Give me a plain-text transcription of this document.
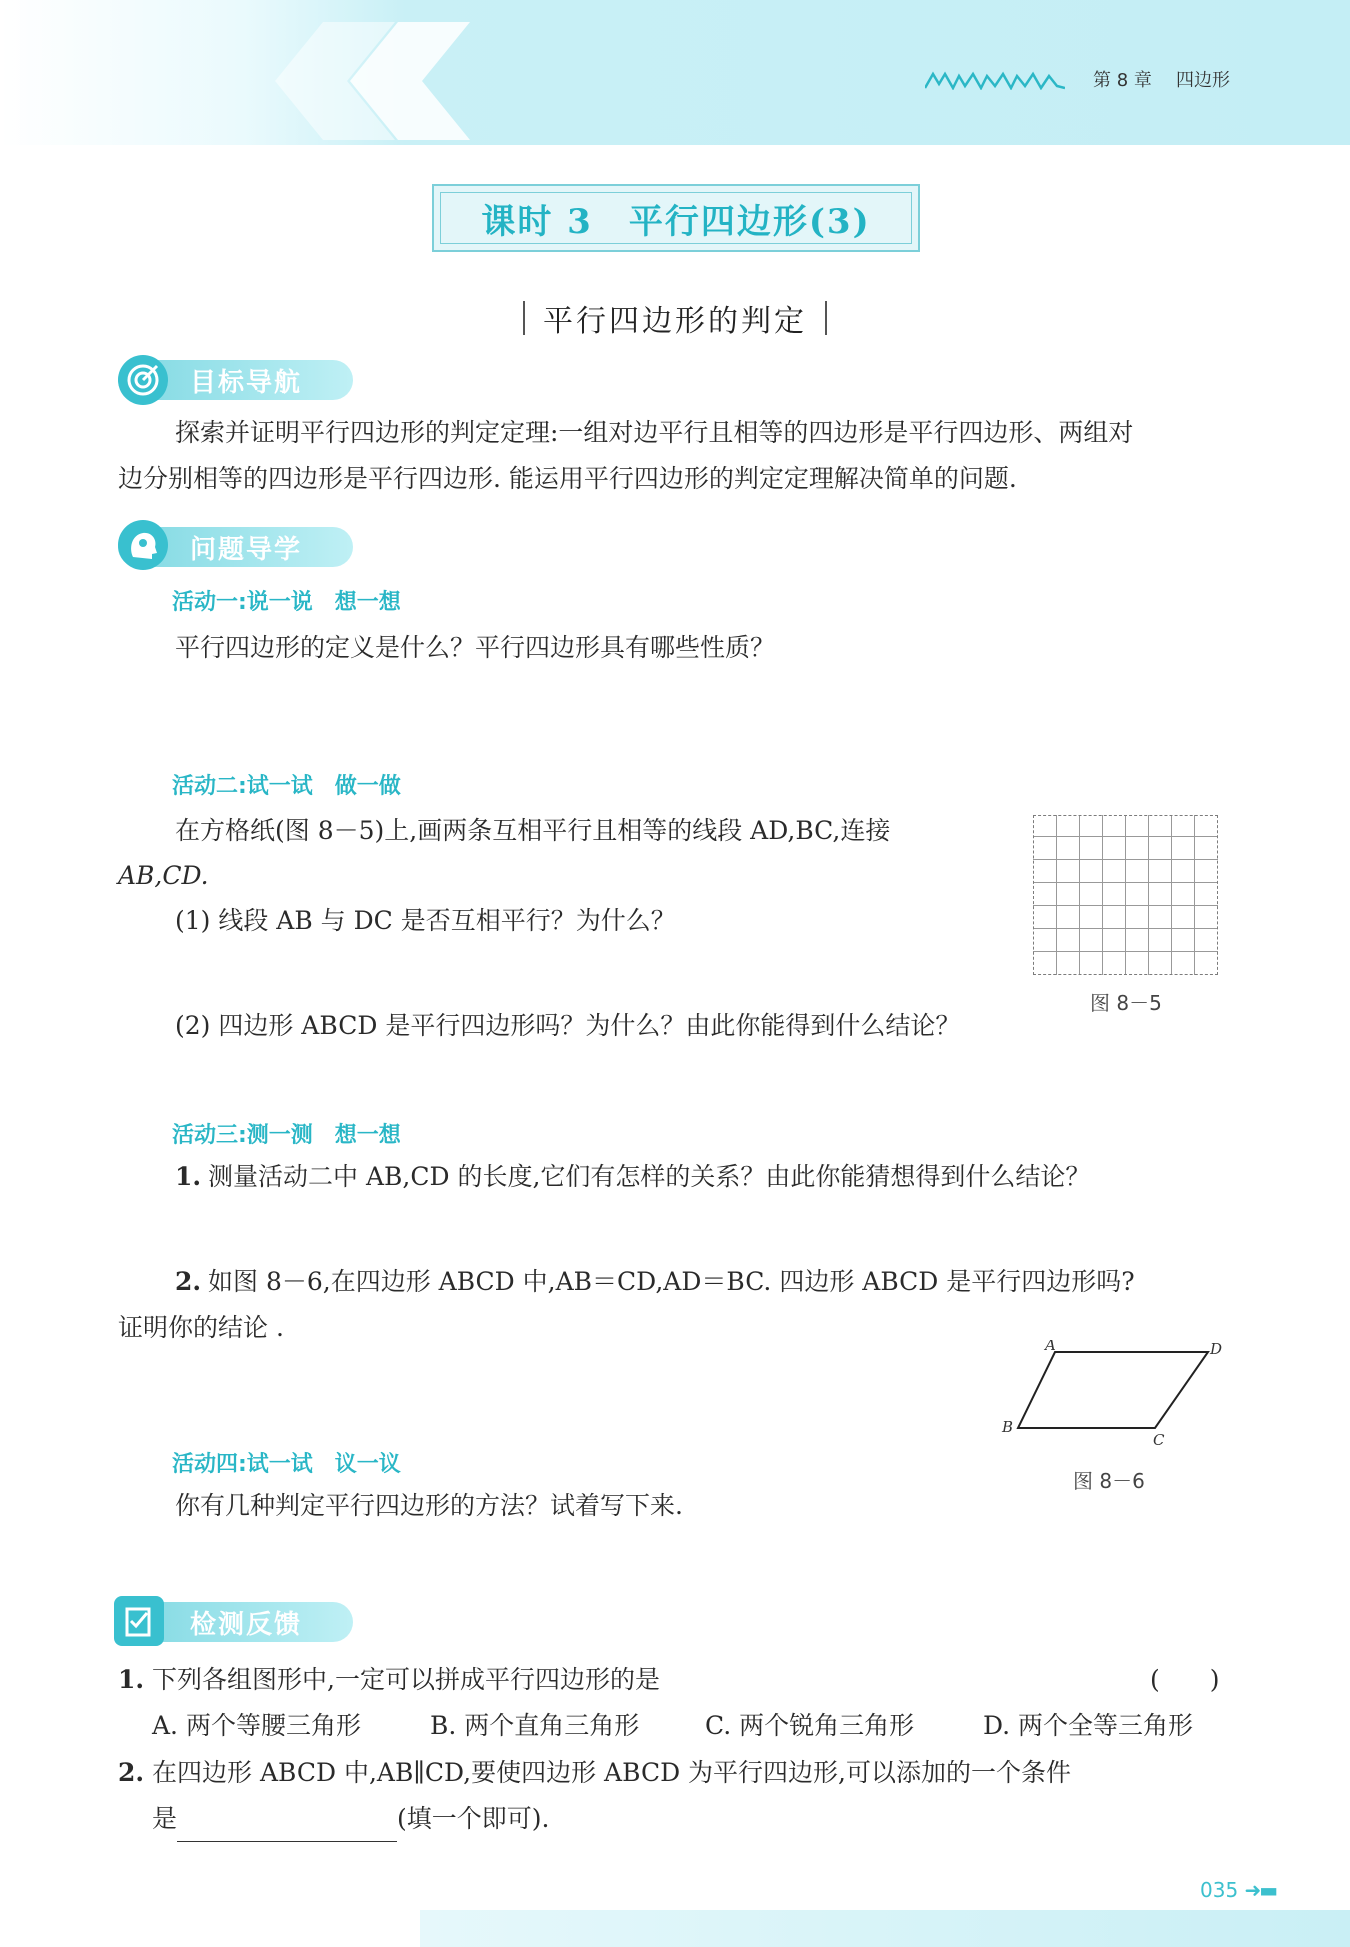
第 8 章 四边形
课时 3　平行四边形(3)
平行四边形的判定
目标导航
探索并证明平行四边形的判定定理:一组对边平行且相等的四边形是平行四边形、两组对
边分别相等的四边形是平行四边形. 能运用平行四边形的判定定理解决简单的问题.
问题导学
活动一:说一说　想一想
平行四边形的定义是什么？平行四边形具有哪些性质？
活动二:试一试　做一做
在方格纸(图 8－5)上,画两条互相平行且相等的线段 AD,BC,连接
AB,CD.
(1) 线段 AB 与 DC 是否互相平行？为什么？
(2) 四边形 ABCD 是平行四边形吗？为什么？由此你能得到什么结论？
图 8－5
活动三:测一测　想一想
1. 测量活动二中 AB,CD 的长度,它们有怎样的关系？由此你能猜想得到什么结论？
2. 如图 8－6,在四边形 ABCD 中,AB＝CD,AD＝BC. 四边形 ABCD 是平行四边形吗?
证明你的结论 .
A	D
B
C
图 8－6
活动四:试一试　议一议
你有几种判定平行四边形的方法？试着写下来.
检测反馈
1. 下列各组图形中,一定可以拼成平行四边形的是	(　　)
A. 两个等腰三角形	B. 两个直角三角形	C. 两个锐角三角形	D. 两个全等三角形
2. 在四边形 ABCD 中,AB∥CD,要使四边形 ABCD 为平行四边形,可以添加的一个条件
是	(填一个即可).
035 ➜▬
